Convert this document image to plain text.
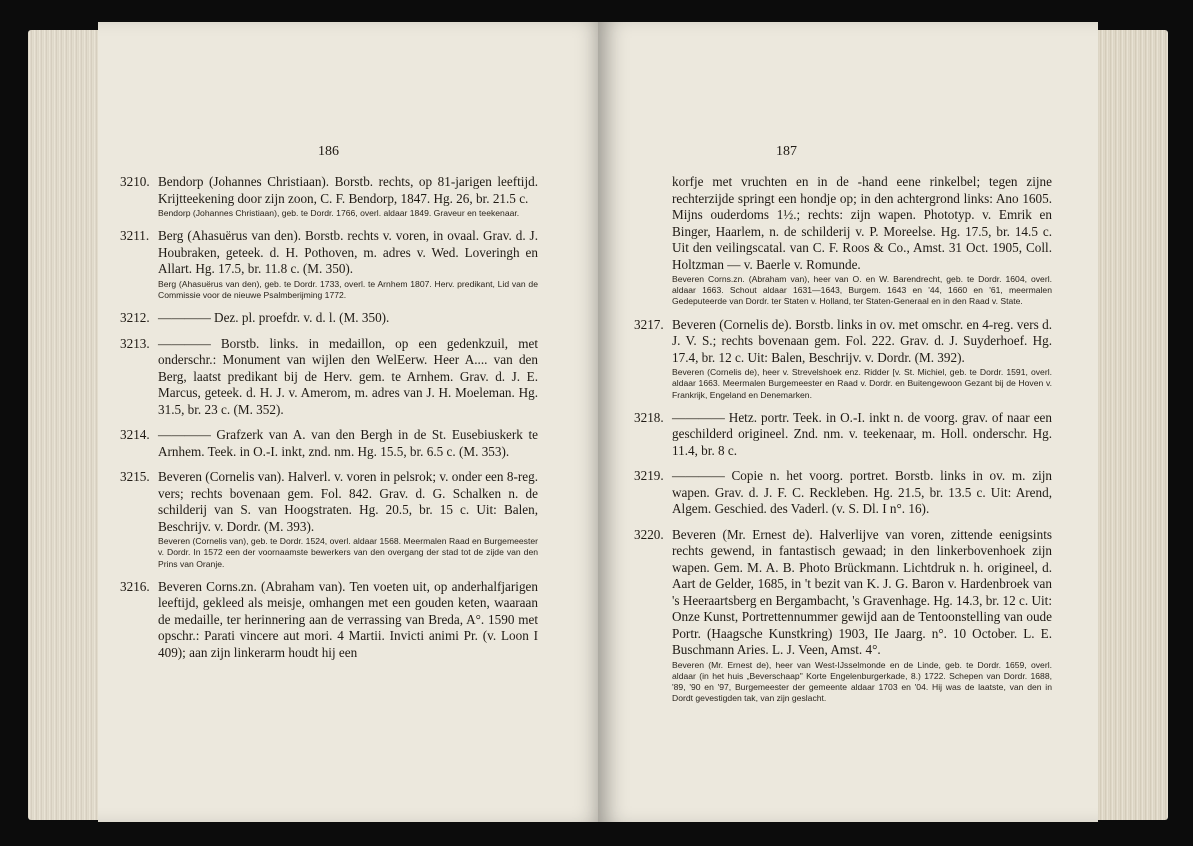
186
3210. Bendorp (Johannes Christiaan). Borstb. rechts, op 81-jarigen leeftijd. Krijtteekening door zijn zoon, C. F. Bendorp, 1847. Hg. 26, br. 21.5 c.

Bendorp (Johannes Christiaan), geb. te Dordr. 1766, overl. aldaar 1849. Graveur en teekenaar.

3211. Berg (Ahasuërus van den). Borstb. rechts v. voren, in ovaal. Grav. d. J. Houbraken, geteek. d. H. Pothoven, m. adres v. Wed. Loveringh en Allart. Hg. 17.5, br. 11.8 c. (M. 350).

Berg (Ahasuërus van den), geb. te Dordr. 1733, overl. te Arnhem 1807. Herv. predikant, Lid van de Commissie voor de nieuwe Psalmberijming 1772.

3212. ———— Dez. pl. proefdr. v. d. l. (M. 350).

3213. ———— Borstb. links. in medaillon, op een gedenkzuil, met onderschr.: Monument van wijlen den WelEerw. Heer A.... van den Berg, laatst predikant bij de Herv. gem. te Arnhem. Grav. d. J. E. Marcus, geteek. d. H. J. v. Amerom, m. adres van J. H. Moeleman. Hg. 31.5, br. 23 c. (M. 352).

3214. ———— Grafzerk van A. van den Bergh in de St. Eusebiuskerk te Arnhem. Teek. in O.-I. inkt, znd. nm. Hg. 15.5, br. 6.5 c. (M. 353).

3215. Beveren (Cornelis van). Halverl. v. voren in pelsrok; v. onder een 8-reg. vers; rechts bovenaan gem. Fol. 842. Grav. d. G. Schalken n. de schilderij van S. van Hoogstraten. Hg. 20.5, br. 15 c. Uit: Balen, Beschrijv. v. Dordr. (M. 393).

Beveren (Cornelis van), geb. te Dordr. 1524, overl. aldaar 1568. Meermalen Raad en Burgemeester v. Dordr. In 1572 een der voornaamste bewerkers van den overgang der stad tot de zijde van den Prins van Oranje.

3216. Beveren Corns.zn. (Abraham van). Ten voeten uit, op anderhalfjarigen leeftijd, gekleed als meisje, omhangen met een gouden keten, waaraan de medaille, ter herinnering aan de verrassing van Breda, A°. 1590 met opschr.: Parati vincere aut mori. 4 Martii. Invicti animi Pr. (v. Loon I 409); aan zijn linkerarm houdt hij een

187

korfje met vruchten en in de -hand eene rinkelbel; tegen zijne rechterzijde springt een hondje op; in den achtergrond links: Ano 1605. Mijns ouderdoms 1½.; rechts: zijn wapen. Phototyp. v. Emrik en Binger, Haarlem, n. de schilderij v. P. Moreelse. Hg. 17.5, br. 14.5 c. Uit den veilingscatal. van C. F. Roos & Co., Amst. 31 Oct. 1905, Coll. Holtzman — v. Baerle v. Romunde.

Beveren Corns.zn. (Abraham van), heer van O. en W. Barendrecht, geb. te Dordr. 1604, overl. aldaar 1663. Schout aldaar 1631—1643, Burgem. 1643 en '44, 1660 en '61, meermalen Gedeputeerde van Dordr. ter Staten v. Holland, ter Staten-Generaal en in den Raad v. State.

3217. Beveren (Cornelis de). Borstb. links in ov. met omschr. en 4-reg. vers d. J. V. S.; rechts bovenaan gem. Fol. 222. Grav. d. J. Suyderhoef. Hg. 17.4, br. 12 c. Uit: Balen, Beschrijv. v. Dordr. (M. 392).

Beveren (Cornelis de), heer v. Strevelshoek enz. Ridder [v. St. Michiel, geb. te Dordr. 1591, overl. aldaar 1663. Meermalen Burgemeester en Raad v. Dordr. en Buitengewoon Gezant bij de Hoven v. Frankrijk, Engeland en Denemarken.

3218. ———— Hetz. portr. Teek. in O.-I. inkt n. de voorg. grav. of naar een geschilderd origineel. Znd. nm. v. teekenaar, m. Holl. onderschr. Hg. 11.4, br. 8 c.

3219. ———— Copie n. het voorg. portret. Borstb. links in ov. m. zijn wapen. Grav. d. J. F. C. Reckleben. Hg. 21.5, br. 13.5 c. Uit: Arend, Algem. Geschied. des Vaderl. (v. S. Dl. I n°. 16).

3220. Beveren (Mr. Ernest de). Halverlijve van voren, zittende eenigsints rechts gewend, in fantastisch gewaad; in den linkerbovenhoek zijn wapen. Gem. M. A. B. Photo Brückmann. Lichtdruk n. h. origineel, d. Aart de Gelder, 1685, in 't bezit van K. J. G. Baron v. Hardenbroek van 's Heeraartsberg en Bergambacht, 's Gravenhage. Hg. 14.3, br. 12 c. Uit: Onze Kunst, Portrettennummer gewijd aan de Tentoonstelling van oude Portr. (Haagsche Kunstkring) 1903, IIe Jaarg. n°. 10 October. L. E. Buschmann Aries. L. J. Veen, Amst. 4°.

Beveren (Mr. Ernest de), heer van West-IJsselmonde en de Linde, geb. te Dordr. 1659, overl. aldaar (in het huis „Beverschaap" Korte Engelenburgerkade, 8.) 1722. Schepen van Dordr. 1688, '89, '90 en '97, Burgemeester der gemeente aldaar 1703 en '04. Hij was de laatste, van den in Dordt gevestigden tak, van zijn geslacht.
